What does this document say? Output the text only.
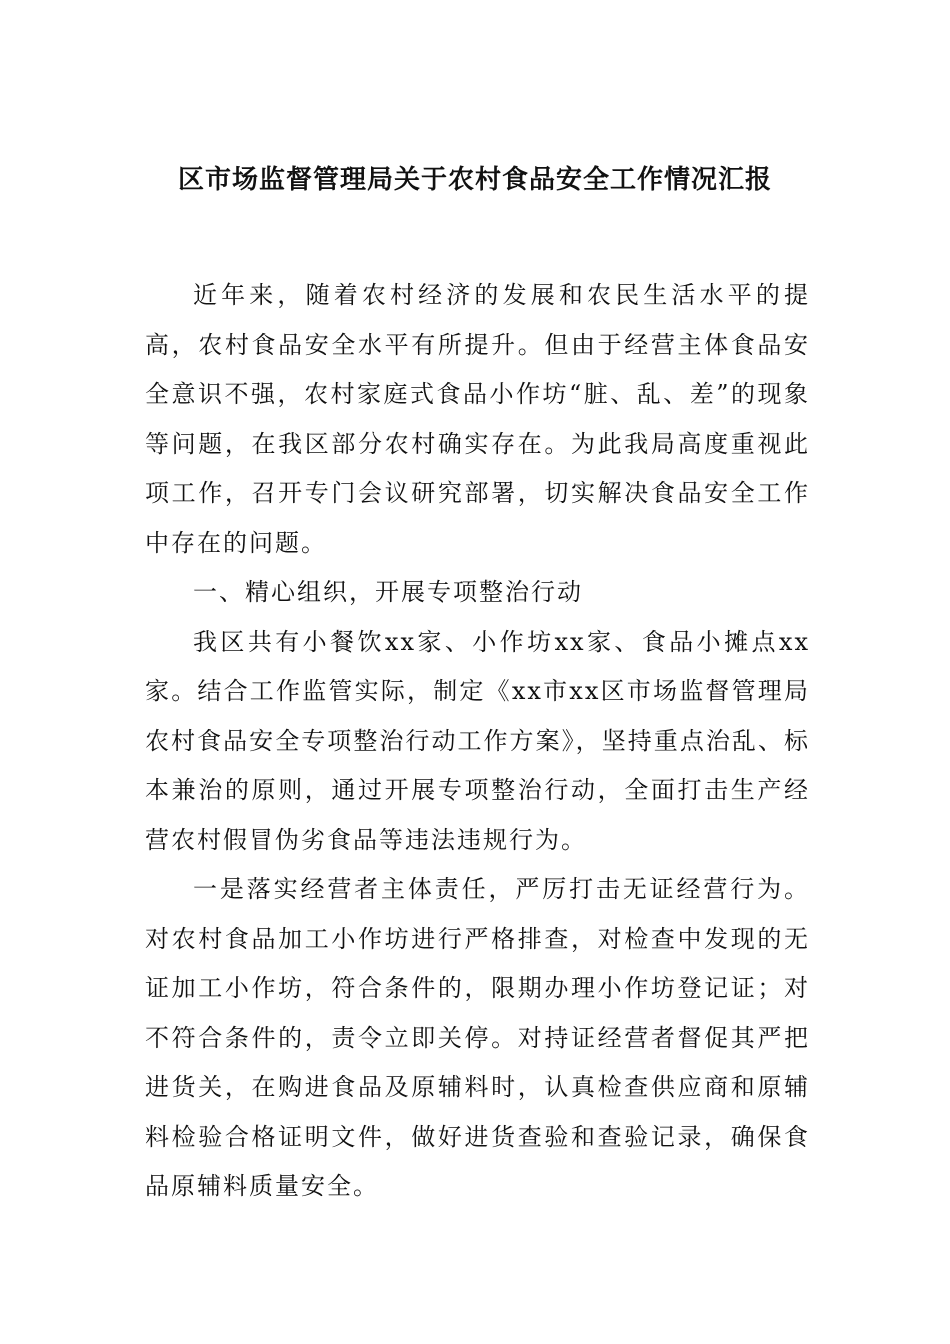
区市场监督管理局关于农村食品安全工作情况汇报

近年来，随着农村经济的发展和农民生活水平的提高，农村食品安全水平有所提升。但由于经营主体食品安全意识不强，农村家庭式食品小作坊“脏、乱、差”的现象等问题，在我区部分农村确实存在。为此我局高度重视此项工作，召开专门会议研究部署，切实解决食品安全工作中存在的问题。

一、精心组织，开展专项整治行动

我区共有小餐饮xx家、小作坊xx家、食品小摊点xx家。结合工作监管实际，制定《xx市xx区市场监督管理局农村食品安全专项整治行动工作方案》，坚持重点治乱、标本兼治的原则，通过开展专项整治行动，全面打击生产经营农村假冒伪劣食品等违法违规行为。

一是落实经营者主体责任，严厉打击无证经营行为。对农村食品加工小作坊进行严格排查，对检查中发现的无证加工小作坊，符合条件的，限期办理小作坊登记证；对不符合条件的，责令立即关停。对持证经营者督促其严把进货关，在购进食品及原辅料时，认真检查供应商和原辅料检验合格证明文件，做好进货查验和查验记录，确保食品原辅料质量安全。
